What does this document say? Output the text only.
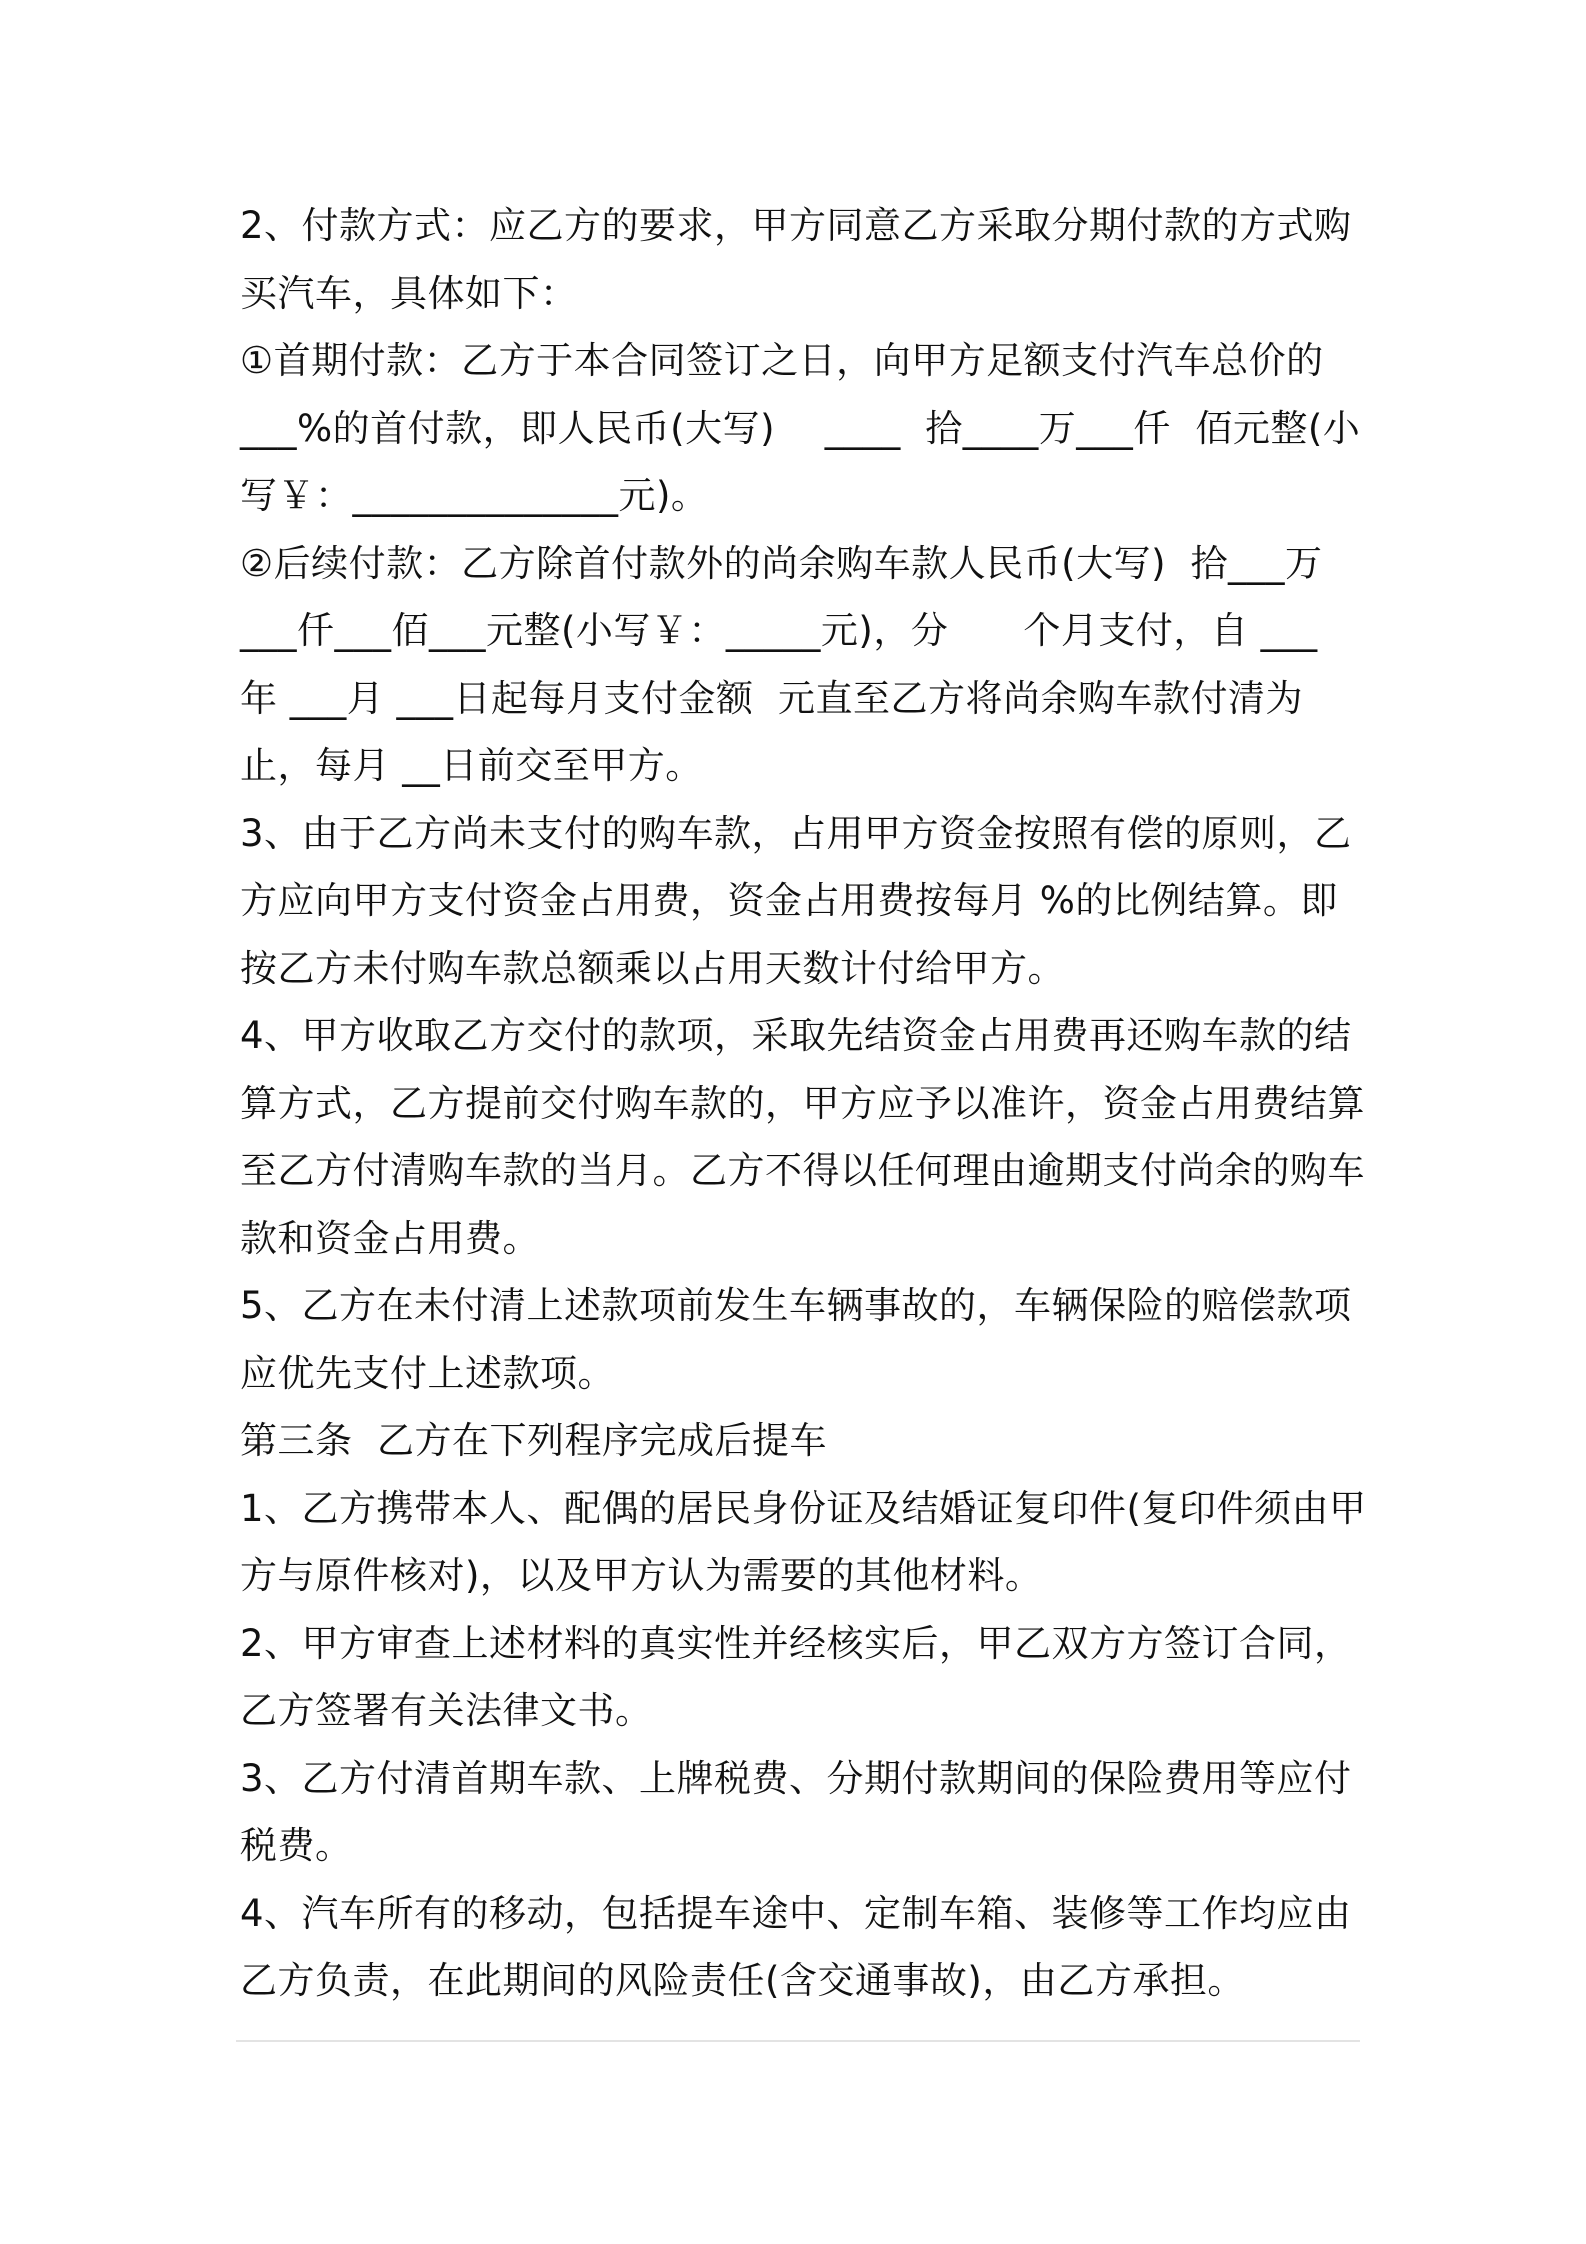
2、付款方式：应乙方的要求，甲方同意乙方采取分期付款的方式购
买汽车，具体如下：
①首期付款：乙方于本合同签订之日，向甲方足额支付汽车总价的
___%的首付款，即人民币(大写)　 ____  拾____万___仟  佰元整(小
写￥：______________元)。
②后续付款：乙方除首付款外的尚余购车款人民币(大写)  拾___万
___仟___佰___元整(小写￥：_____元)，分　　个月支付，自 ___
年 ___月 ___日起每月支付金额  元直至乙方将尚余购车款付清为
止，每月 __日前交至甲方。
3、由于乙方尚未支付的购车款，占用甲方资金按照有偿的原则，乙
方应向甲方支付资金占用费，资金占用费按每月 %的比例结算。即
按乙方未付购车款总额乘以占用天数计付给甲方。
4、甲方收取乙方交付的款项，采取先结资金占用费再还购车款的结
算方式，乙方提前交付购车款的，甲方应予以准许，资金占用费结算
至乙方付清购车款的当月。乙方不得以任何理由逾期支付尚余的购车
款和资金占用费。
5、乙方在未付清上述款项前发生车辆事故的，车辆保险的赔偿款项
应优先支付上述款项。
第三条  乙方在下列程序完成后提车
1、乙方携带本人、配偶的居民身份证及结婚证复印件(复印件须由甲
方与原件核对)，以及甲方认为需要的其他材料。
2、甲方审查上述材料的真实性并经核实后，甲乙双方方签订合同，
乙方签署有关法律文书。
3、乙方付清首期车款、上牌税费、分期付款期间的保险费用等应付
税费。
4、汽车所有的移动，包括提车途中、定制车箱、装修等工作均应由
乙方负责，在此期间的风险责任(含交通事故)，由乙方承担。
